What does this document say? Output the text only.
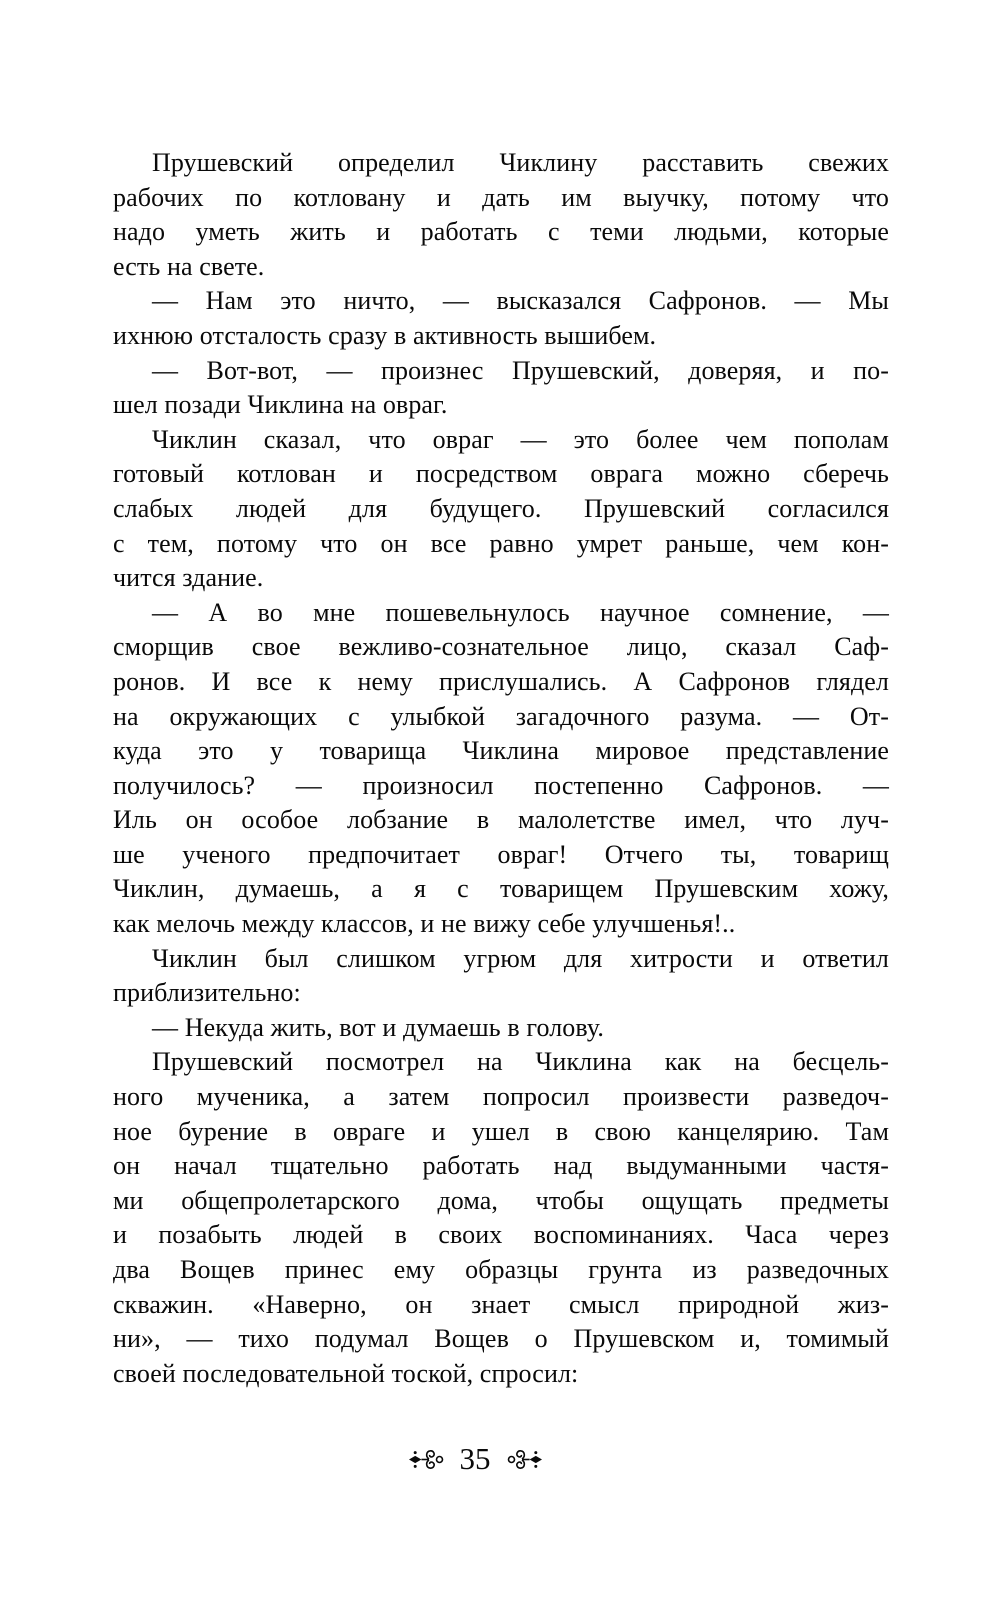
Прушевский определил Чиклину расставить свежих
рабочих по котловану и дать им выучку, потому что
надо уметь жить и работать с теми людьми, которые
есть на свете.
— Нам это ничто, — высказался Сафронов. — Мы
ихнюю отсталость сразу в активность вышибем.
— Вот-вот, — произнес Прушевский, доверяя, и по-
шел позади Чиклина на овраг.
Чиклин сказал, что овраг — это более чем пополам
готовый котлован и посредством оврага можно сберечь
слабых людей для будущего. Прушевский согласился
с тем, потому что он все равно умрет раньше, чем кон-
чится здание.
— А во мне пошевельнулось научное сомнение, —
сморщив свое вежливо-сознательное лицо, сказал Саф-
ронов. И все к нему прислушались. А Сафронов глядел
на окружающих с улыбкой загадочного разума. — От-
куда это у товарища Чиклина мировое представление
получилось? — произносил постепенно Сафронов. —
Иль он особое лобзание в малолетстве имел, что луч-
ше ученого предпочитает овраг! Отчего ты, товарищ
Чиклин, думаешь, а я с товарищем Прушевским хожу,
как мелочь между классов, и не вижу себе улучшенья!..
Чиклин был слишком угрюм для хитрости и ответил
приблизительно:
— Некуда жить, вот и думаешь в голову.
Прушевский посмотрел на Чиклина как на бесцель-
ного мученика, а затем попросил произвести разведоч-
ное бурение в овраге и ушел в свою канцелярию. Там
он начал тщательно работать над выдуманными частя-
ми общепролетарского дома, чтобы ощущать предметы
и позабыть людей в своих воспоминаниях. Часа через
два Вощев принес ему образцы грунта из разведочных
скважин. «Наверно, он знает смысл природной жиз-
ни», — тихо подумал Вощев о Прушевском и, томимый
своей последовательной тоской, спросил:
35
